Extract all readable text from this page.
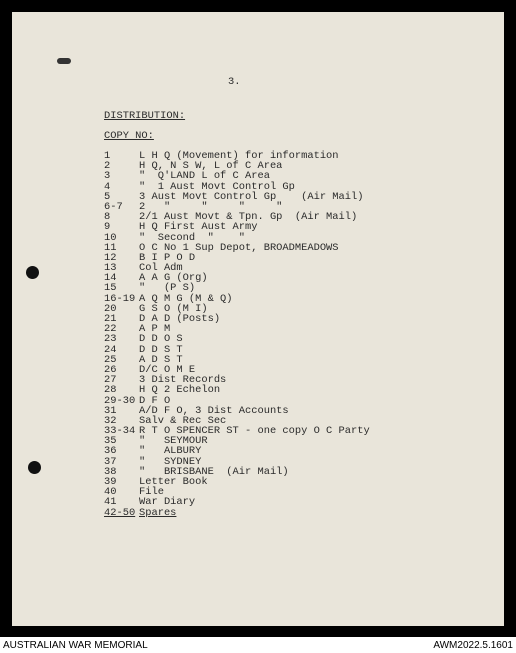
3.
DISTRIBUTION:
COPY NO:
1	L H Q (Movement) for information
2	H Q, N S W, L of C Area
3	"  Q'LAND L of C Area
4	"  1 Aust Movt Control Gp
5	3 Aust Movt Control Gp    (Air Mail)
6-7 2   "     "     "     "
8	2/1 Aust Movt & Tpn. Gp  (Air Mail)
9	H Q First Aust Army
10 "  Second  "    "
11 O C No 1 Sup Depot, BROADMEADOWS
12 B I P O D
13 Col Adm
14 A A G (Org)
15 "   (P S)
16-19 A Q M G (M & Q)
20 G S O (M I)
21 D A D (Posts)
22 A P M
23 D D O S
24 D D S T
25 A D S T
26 D/C O M E
27 3 Dist Records
28 H Q 2 Echelon
29-30 D F O
31 A/D F O, 3 Dist Accounts
32 Salv & Rec Sec
33-34 R T O SPENCER ST - one copy O C Party
35 "   SEYMOUR
36 "   ALBURY
37 "   SYDNEY
38 "   BRISBANE  (Air Mail)
39 Letter Book
40 File
41 War Diary
42-50 Spares
AUSTRALIAN WAR MEMORIAL	AWM2022.5.1601
